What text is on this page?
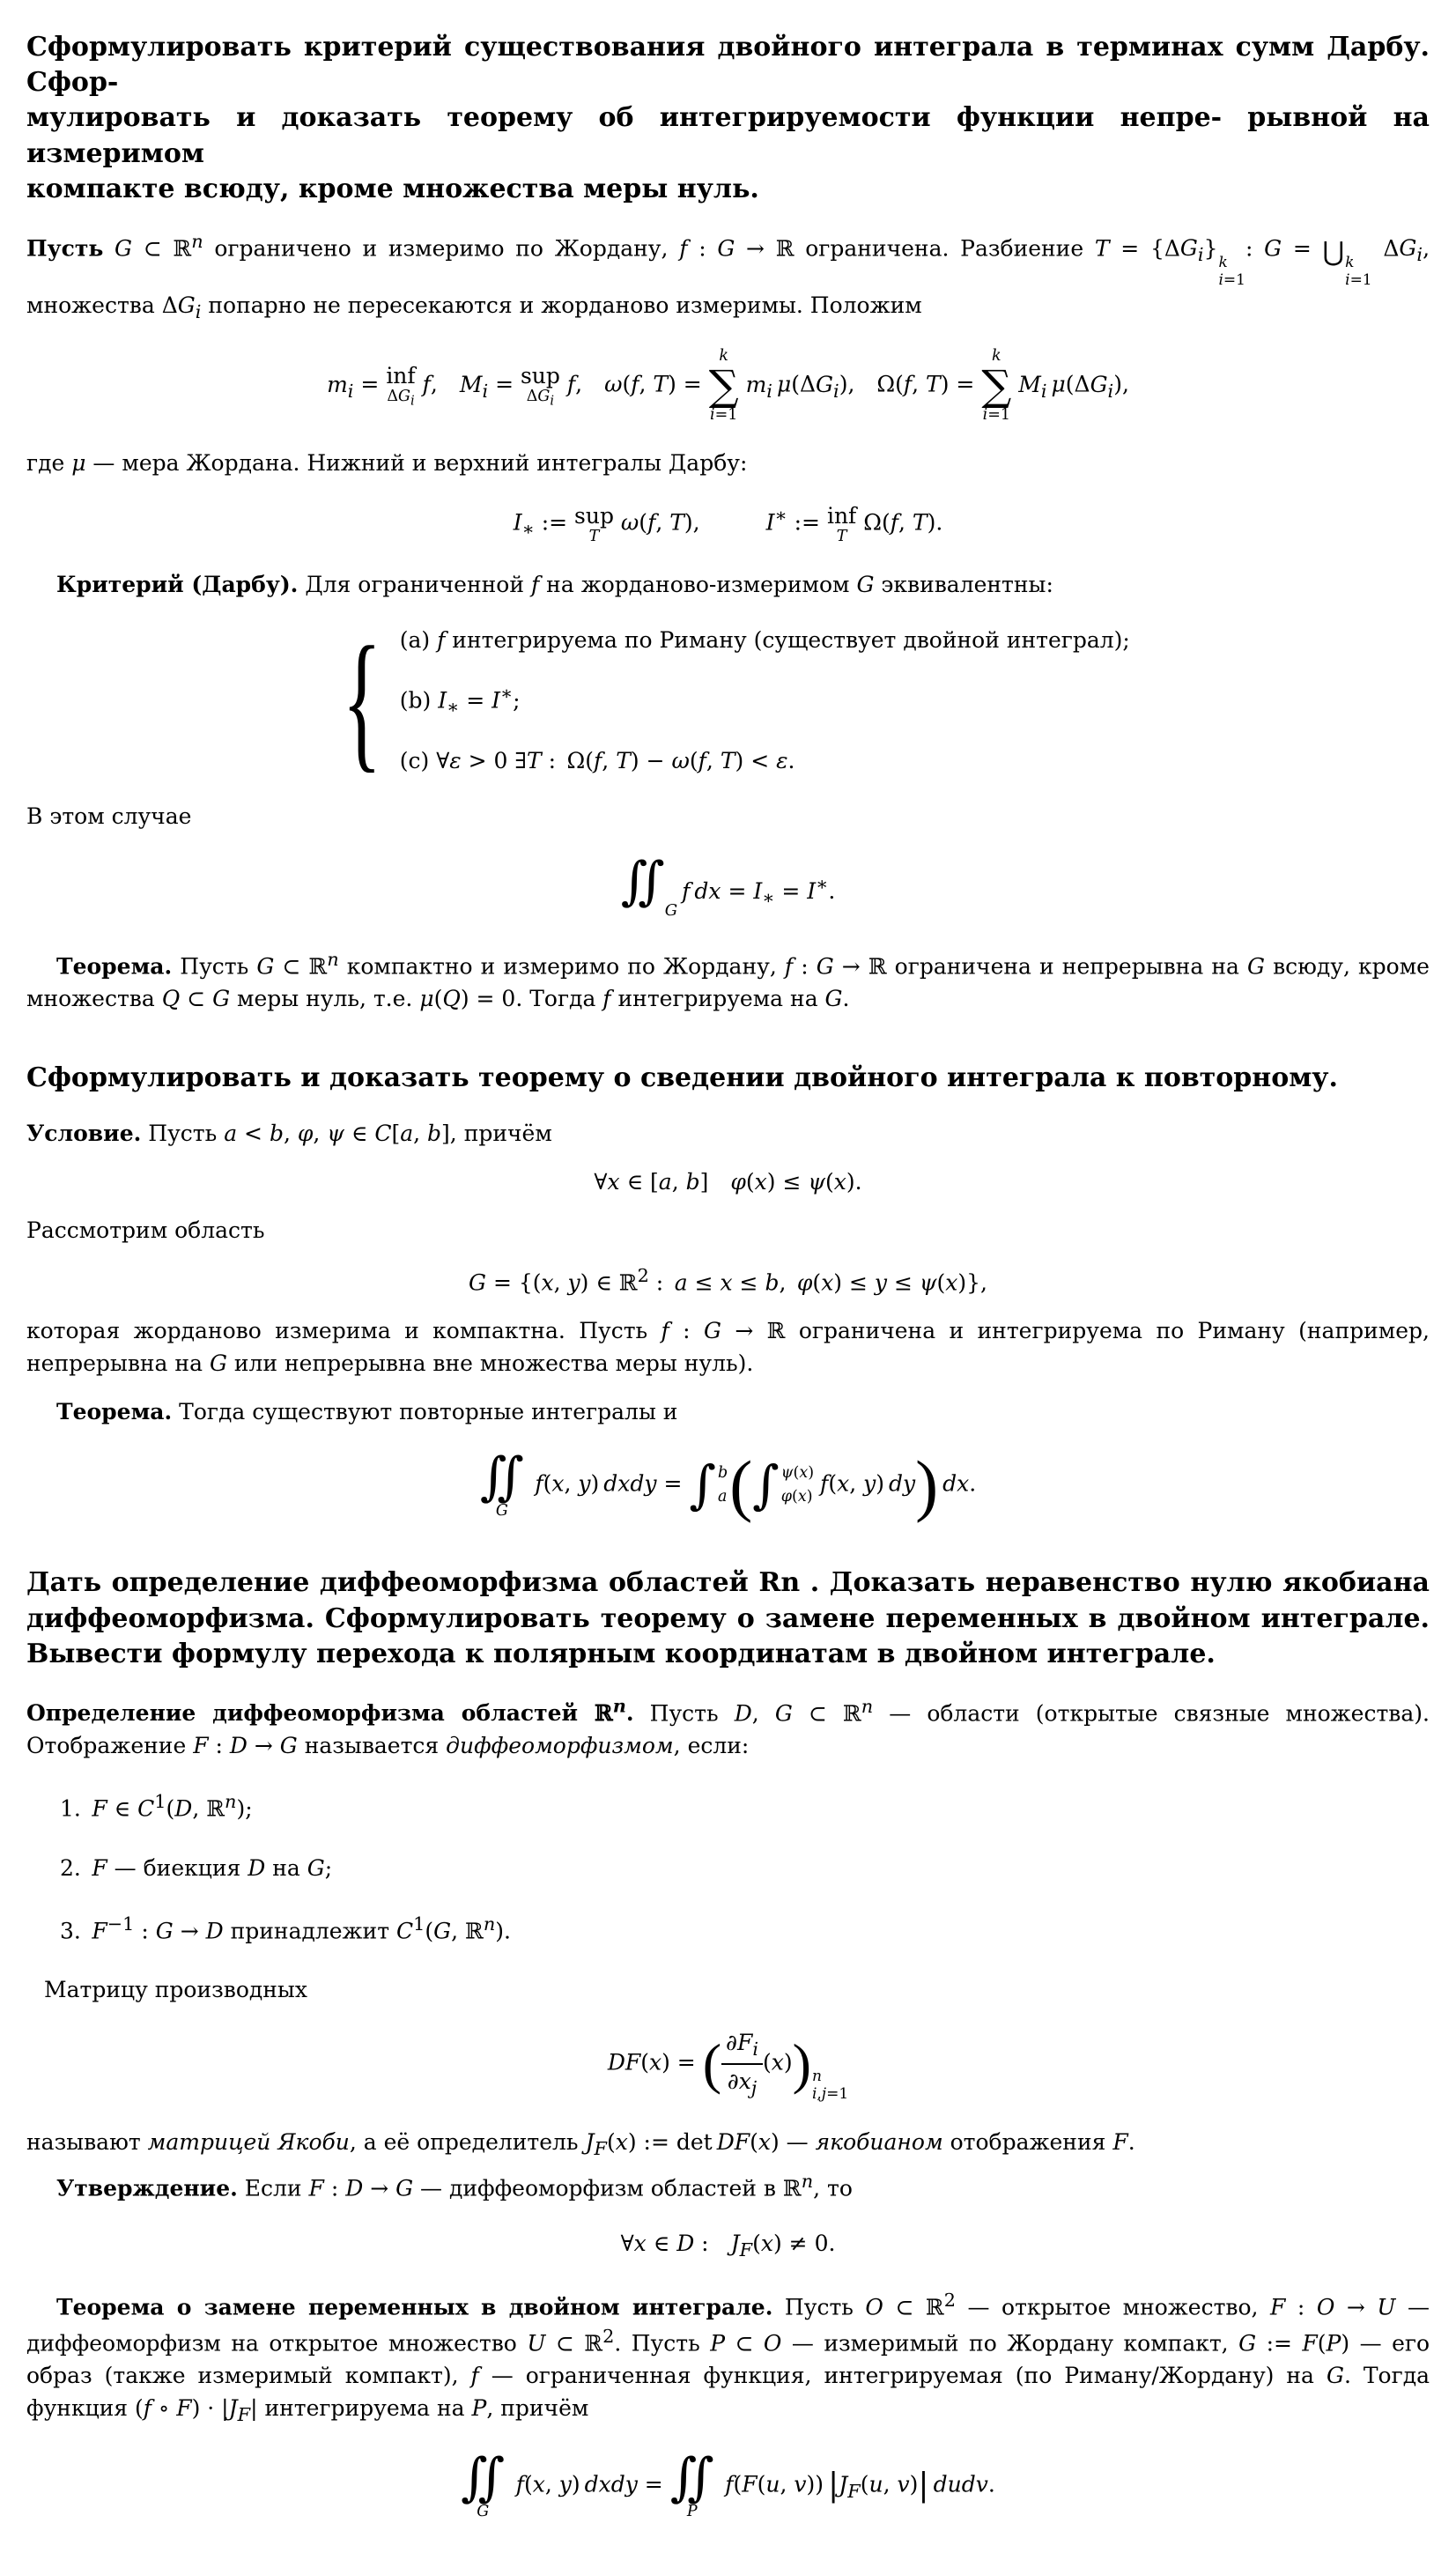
Сформулировать критерий существования двойного интеграла в терминах сумм Дарбу. Сфор-
мулировать и доказать теорему об интегрируемости функции непре- рывной на измеримом
компакте всюду, кроме множества меры нуль.

Пусть G ⊂ ℝ$^n$ ограничено и измеримо по Жордану, f : G → ℝ ограничена. Разбиение $T = \{\Delta G_i\}$
k
i=1
: G = ⋃ k
i=1
$\Delta G_i$, множества $\Delta G_i$ попарно не пересекаются и жорданово измеримы. Положим

$m_i$ = inf
$\Delta G_i$
f,  $M_i$ = sup
$\Delta G_i$
f,  ω(f, T) =
k
∑
i=1
$m_i$  $\mu(\Delta G_i)$,  Ω(f, T) =
k
∑
i=1
$M_i$  $\mu(\Delta G_i)$,

где μ — мера Жордана. Нижний и верхний интегралы Дарбу:

$I_∗$ := sup
T
ω(f, T),   I∗ := inf
T
Ω(f, T).

Критерий (Дарбу). Для ограниченной f на жорданово-измеримом G эквивалентны:

{ (a) f интегрируема по Риману (существует двойной интеграл);
(b) $I_∗ = I^∗$;
(c) ∀ε > 0 ∃T : Ω(f, T) − ω(f, T) < ε.

В этом случае

$∬_G$ f  dx = $I_∗ = I^∗$.

Теорема. Пусть G ⊂ ℝ$^n$ компактно и измеримо по Жордану, f : G → ℝ ограничена и непрерывна на G всюду, кроме множества Q ⊂ G меры нуль, т.е. μ(Q) = 0. Тогда f интегрируема на G.

Сформулировать и доказать теорему о сведении двойного интеграла к повторному.

Условие. Пусть a < b, φ, ψ ∈ C[a, b], причём

∀x ∈ [a, b] φ(x) ≤ ψ(x).

Рассмотрим область

G = {(x, y) ∈ ℝ$^2$ : a ≤ x ≤ b, φ(x) ≤ y ≤ ψ(x)},

которая жорданово измерима и компактна. Пусть f : G → ℝ ограничена и интегрируема по Риману (например, непрерывна на G или непрерывна вне множества меры нуль).

Теорема. Тогда существуют повторные интегралы и

∬
G
 f(x, y) dxdy = ∫ b
a (∫ ψ(x)
φ(x)
 f(x, y) dy)  dx.
Дать определение диффеоморфизма областей Rn . Доказать неравенство нулю якобиана
диффеоморфизма. Сформулировать теорему о замене переменных в двойном интеграле.
Вывести формулу перехода к полярным координатам в двойном интеграле.

Определение диффеоморфизма областей ℝ$^n$. Пусть D, G ⊂ ℝ$^n$ — области (открытые связные множества). Отображение F : D → G называется диффеоморфизмом, если:

1. F ∈ $C^1(D$, ℝ$^n$);
2. F — биекция D на G;
3. $F^{-1}$ : G → D принадлежит $C^1(G$, ℝ$^n$).

Матрицу производных

DF(x) = ( $\frac{\partial F_i}{\partial x_j} (x)$) n
i,j=1

называют матрицей Якоби, а её определитель $J_F(x)$ := det DF(x) — якобианом отображения F.

Утверждение. Если F : D → G — диффеоморфизм областей в ℝ$^n$, то

∀x ∈ D : $J_F(x) \ne 0$.

Теорема о замене переменных в двойном интеграле. Пусть O ⊂ ℝ$^2$ — открытое множество, F : O → U — диффеоморфизм на открытое множество U ⊂ ℝ$^2$. Пусть P ⊂ O — измеримый по Жордану компакт, G := F(P) — его образ (также измеримый компакт), f — ограниченная функция, интегрируемая (по Риману/Жордану) на G. Тогда функция (f ∘ $F) \cdot |J_F|$ интегрируема на P, причём

∬
G
 f(x, y) dxdy = ∬
P
 f(F(u, v)) $|J_F(u$, v)|  dudv.
